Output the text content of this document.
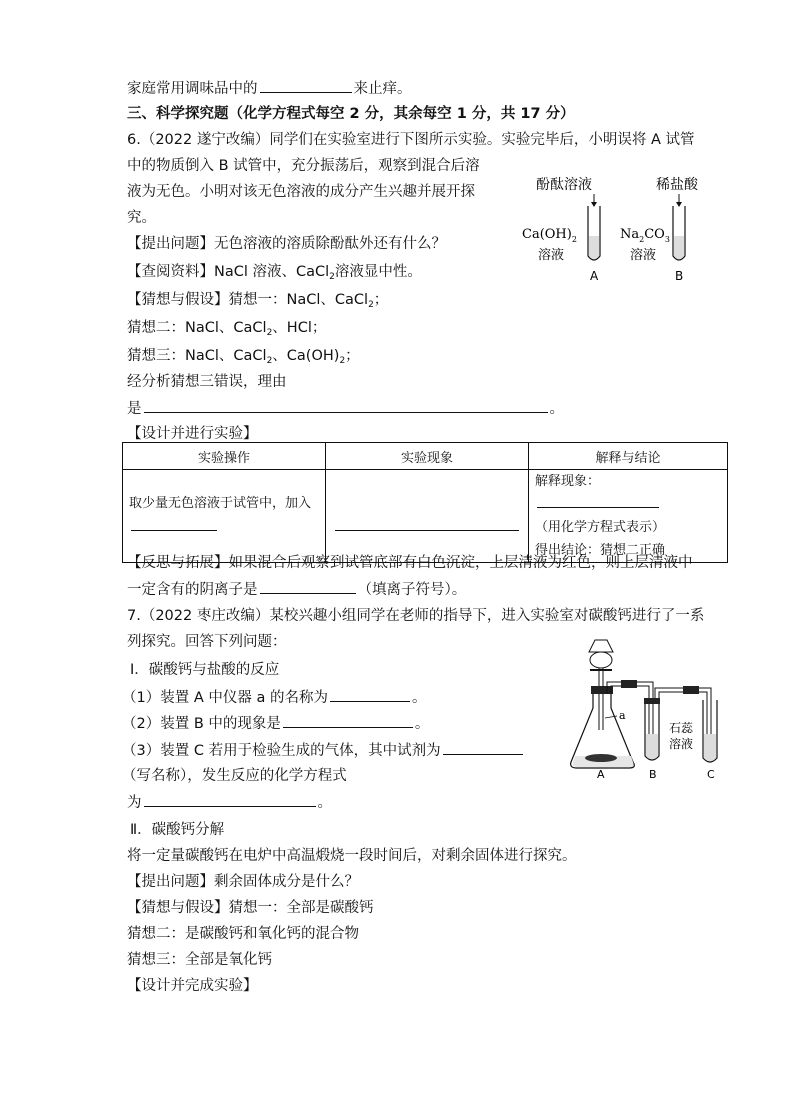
家庭常用调味品中的	来止痒。
三、科学探究题（化学方程式每空 2 分，其余每空 1 分，共 17 分）
6.（2022 遂宁改编）同学们在实验室进行下图所示实验。实验完毕后，小明误将 A 试管
中的物质倒入 B 试管中，充分振荡后，观察到混合后溶
液为无色。小明对该无色溶液的成分产生兴趣并展开探
究。
【提出问题】无色溶液的溶质除酚酞外还有什么？
【查阅资料】NaCl 溶液、CaCl$_2$溶液显中性。
【猜想与假设】猜想一：NaCl、CaCl$_2$；
猜想二：NaCl、CaCl$_2$、HCl；
猜想三：NaCl、CaCl$_2$、$Ca(OH)_2$；
经分析猜想三错误，理由
是	。
【设计并进行实验】
酚酞溶液	稀盐酸
$Ca(OH)_2$
溶液
$Na_2CO_3$
溶液
A	B
实验操作	实验现象	解释与结论

取少量无色溶液于试管中，加入		解释现象：
（用化学方程式表示）
得出结论：猜想二正确
【反思与拓展】如果混合后观察到试管底部有白色沉淀，上层清液为红色，则上层清液中
一定含有的阴离子是	（填离子符号）。
7.（2022 枣庄改编）某校兴趣小组同学在老师的指导下，进入实验室对碳酸钙进行了一系
列探究。回答下列问题：
Ⅰ．碳酸钙与盐酸的反应
（1）装置 A 中仪器 a 的名称为	。
（2）装置 B 中的现象是	。
（3）装置 C 若用于检验生成的气体，其中试剂为
（写名称），发生反应的化学方程式
为	。
a
石蕊
溶液
A	B	C
Ⅱ．碳酸钙分解
将一定量碳酸钙在电炉中高温煅烧一段时间后，对剩余固体进行探究。
【提出问题】剩余固体成分是什么？
【猜想与假设】猜想一：全部是碳酸钙
猜想二：是碳酸钙和氧化钙的混合物
猜想三：全部是氧化钙
【设计并完成实验】
